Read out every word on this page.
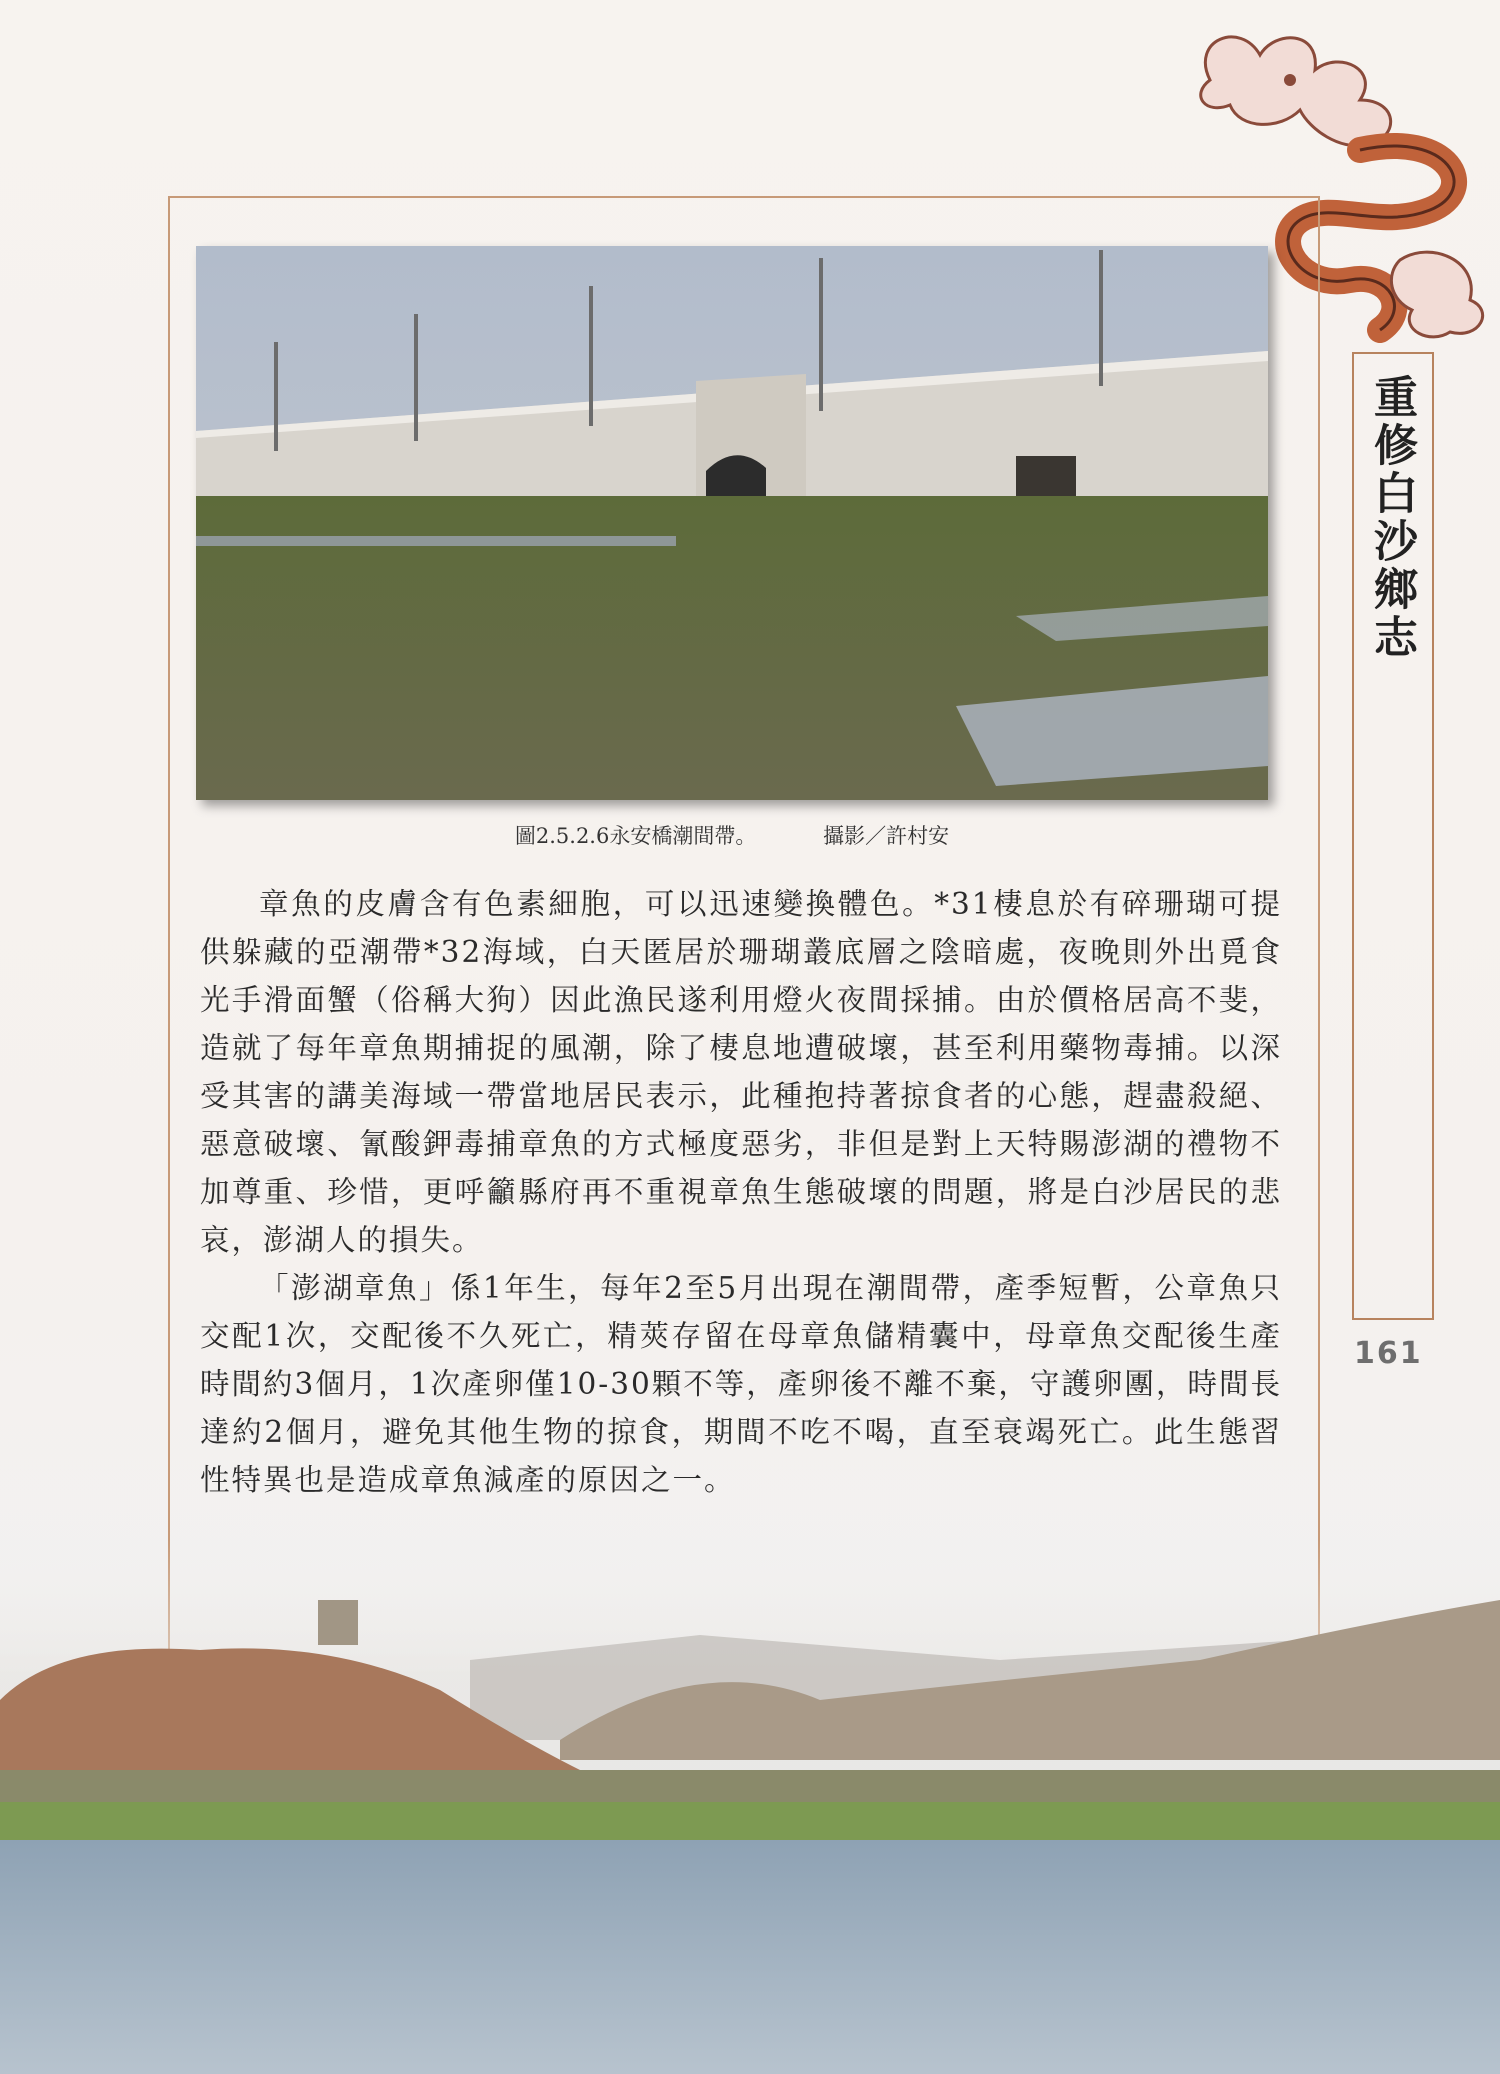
圖2.5.2.6永安橋潮間帶。          攝影／許村安

章魚的皮膚含有色素細胞，可以迅速變換體色。*31棲息於有碎珊瑚可提供躲藏的亞潮帶*32海域，白天匿居於珊瑚叢底層之陰暗處，夜晚則外出覓食光手滑面蟹（俗稱大狗）因此漁民遂利用燈火夜間採捕。由於價格居高不斐，造就了每年章魚期捕捉的風潮，除了棲息地遭破壞，甚至利用藥物毒捕。以深受其害的講美海域一帶當地居民表示，此種抱持著掠食者的心態，趕盡殺絕、惡意破壞、氰酸鉀毒捕章魚的方式極度惡劣，非但是對上天特賜澎湖的禮物不加尊重、珍惜，更呼籲縣府再不重視章魚生態破壞的問題，將是白沙居民的悲哀，澎湖人的損失。

「澎湖章魚」係1年生，每年2至5月出現在潮間帶，產季短暫，公章魚只交配1次，交配後不久死亡，精莢存留在母章魚儲精囊中，母章魚交配後生產時間約3個月，1次產卵僅10-30顆不等，產卵後不離不棄，守護卵團，時間長達約2個月，避免其他生物的掠食，期間不吃不喝，直至衰竭死亡。此生態習性特異也是造成章魚減產的原因之一。

重修白沙鄉志
161
